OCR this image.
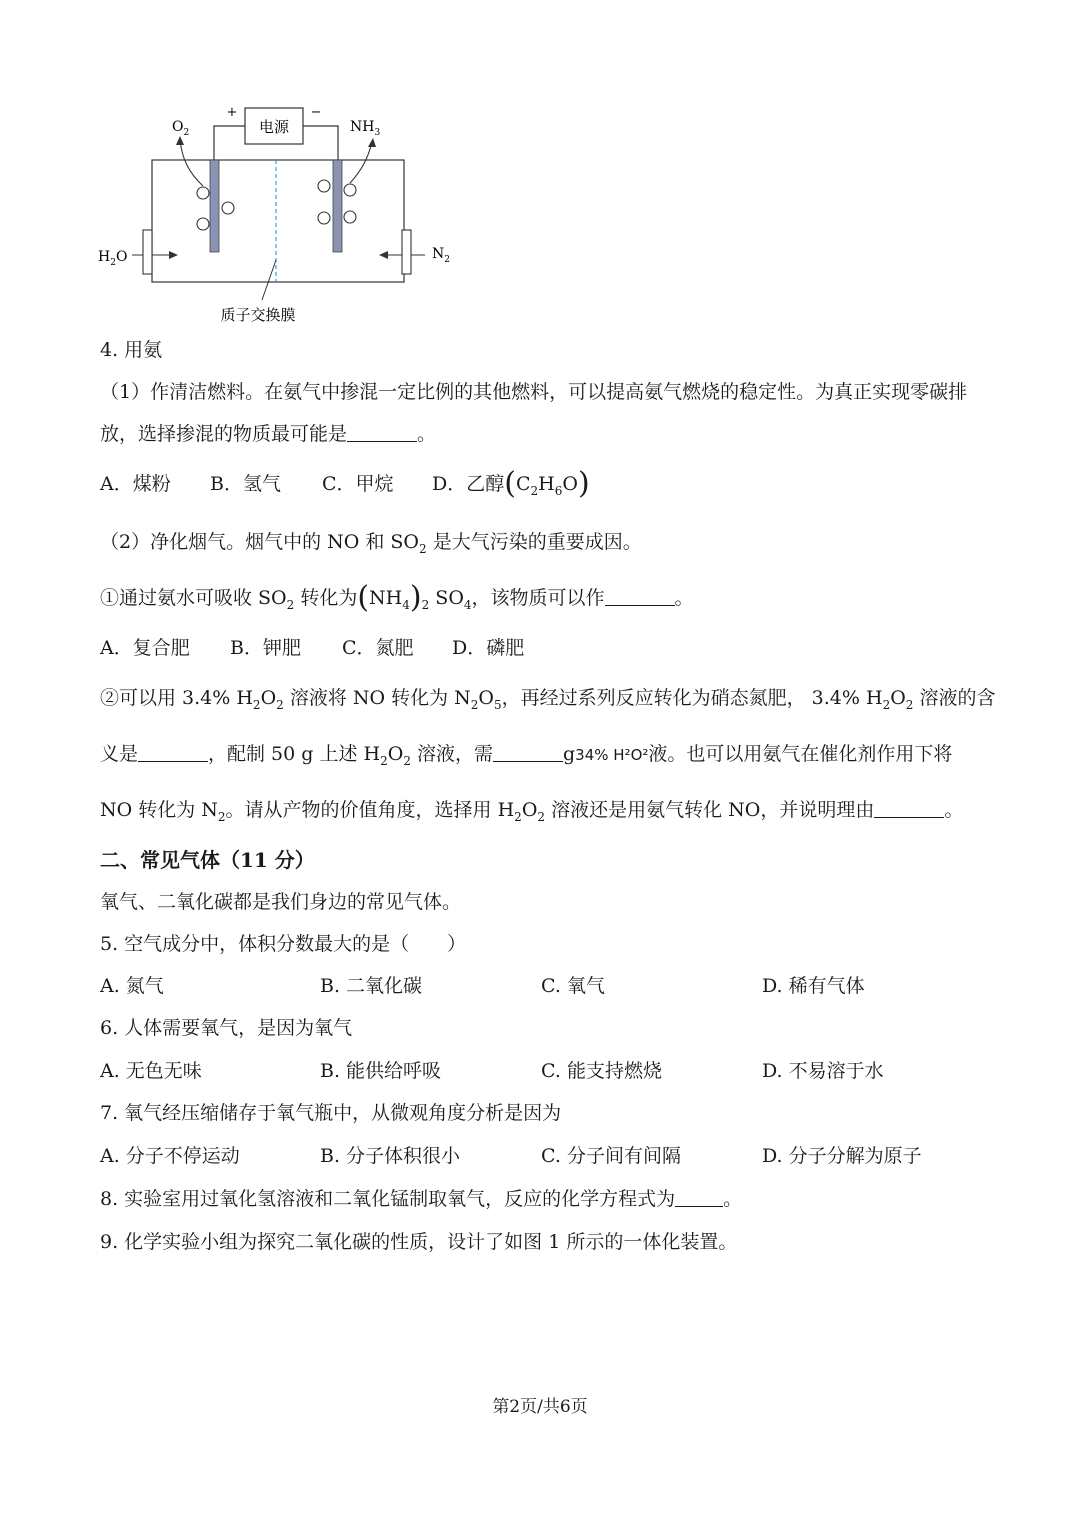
电源
+	−
$O_2$	$NH_3$
$H_2O$	$N_2$
质子交换膜
4. 用氨
（1）作清洁燃料。在氨气中掺混一定比例的其他燃料，可以提高氨气燃烧的稳定性。为真正实现零碳排
放，选择掺混的物质最可能是	。
A．煤粉 B．氢气 C．甲烷 D．乙醇$(C_2H_6O)$
（2）净化烟气。烟气中的 NO 和 $SO_2$ 是大气污染的重要成因。
①通过氨水可吸收 $SO_2$ 转化为$(NH_4)_2$ $SO_4$，该物质可以作	。
A．复合肥 B．钾肥 C．氮肥 D．磷肥
②可以用 3.4% $H_2O_2$ 溶液将 NO 转化为 $N_2O_5$，再经过系列反应转化为硝态氮肥， 3.4% $H_2O_2$ 溶液的含
义是	，配制 50 g 上述 $H_2O_2$ 溶液，需	g34% H²O²液。也可以用氨气在催化剂作用下将
NO 转化为 $N_2$。请从产物的价值角度，选择用 $H_2O_2$ 溶液还是用氨气转化 NO，并说明理由	。
二、常见气体（11 分）
氧气、二氧化碳都是我们身边的常见气体。
5. 空气成分中，体积分数最大的是（　　）
A. 氮气	B. 二氧化碳	C. 氧气	D. 稀有气体
6. 人体需要氧气，是因为氧气
A. 无色无味	B. 能供给呼吸	C. 能支持燃烧	D. 不易溶于水
7. 氧气经压缩储存于氧气瓶中，从微观角度分析是因为
A. 分子不停运动	B. 分子体积很小	C. 分子间有间隔	D. 分子分解为原子
8. 实验室用过氧化氢溶液和二氧化锰制取氧气，反应的化学方程式为	。
9. 化学实验小组为探究二氧化碳的性质，设计了如图 1 所示的一体化装置。
第2页/共6页
